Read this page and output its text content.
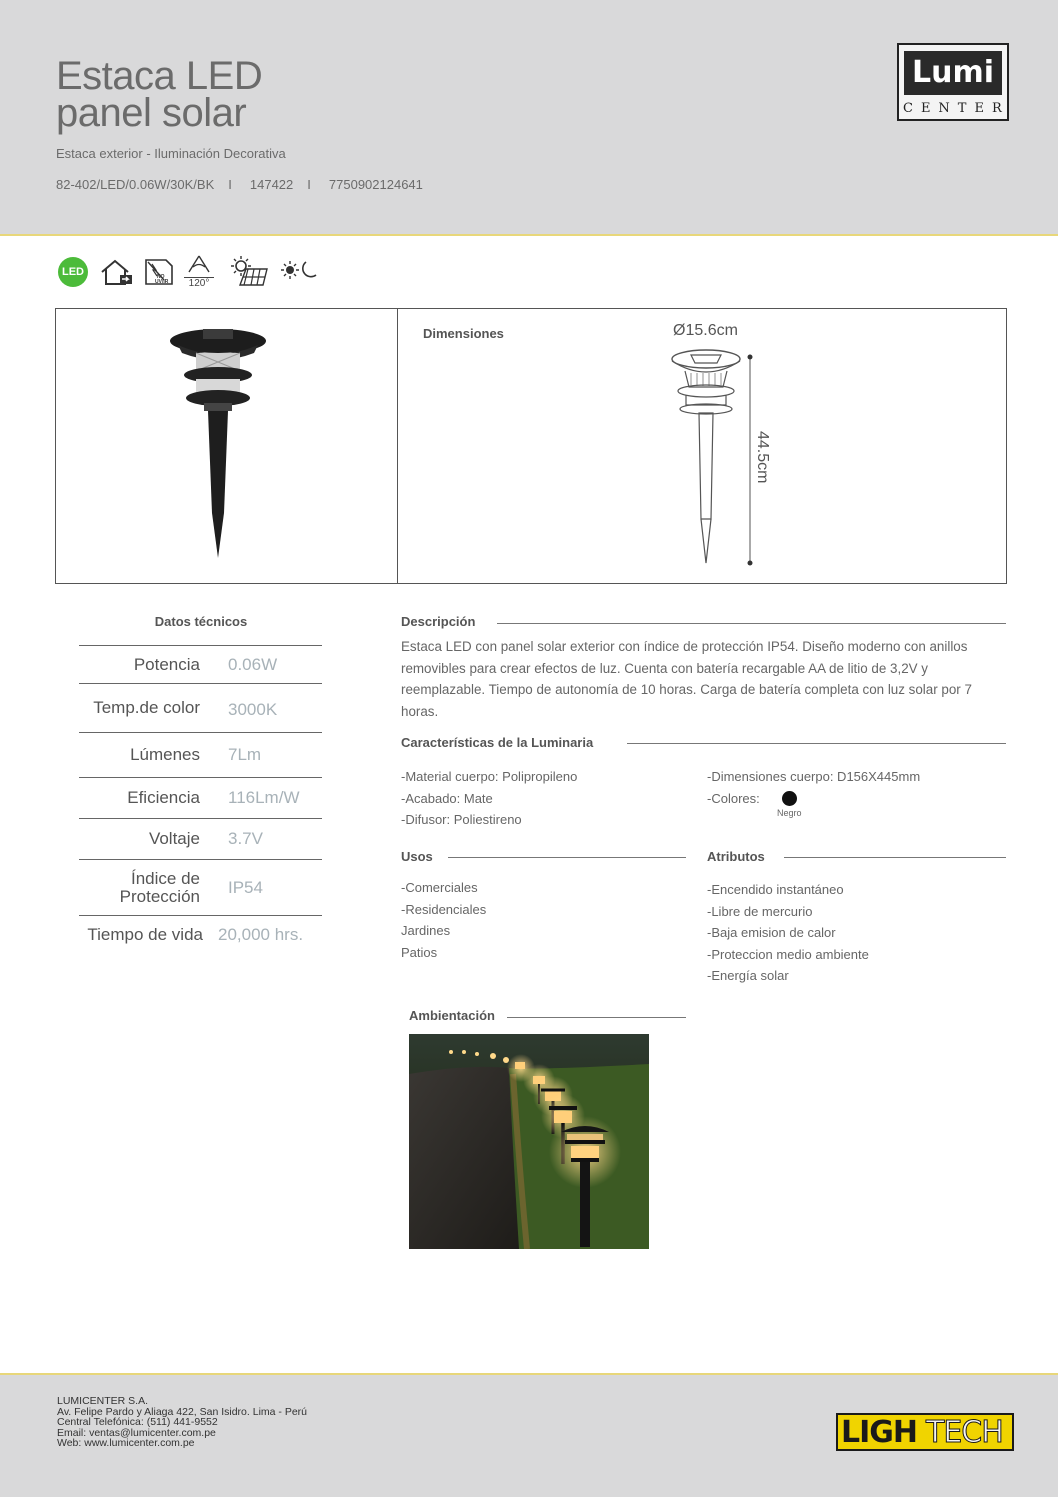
Estaca LED
panel solar
Estaca exterior - Iluminación Decorativa
82-402/LED/0.06W/30K/BK I 147422 I 7750902124641
Lumi
CENTER
LED	NO
UV/IR	120°
Dimensiones	Ø15.6cm
44.5cm
Datos técnicos
Potencia	0.06W
Temp.de color	3000K
Lúmenes	7Lm
Eficiencia	116Lm/W
Voltaje	3.7V
Índice de
Protección	IP54
Tiempo de vida 20,000 hrs.
Descripción
Estaca LED con panel solar exterior con índice de protección IP54. Diseño moderno con anillos removibles para crear efectos de luz. Cuenta con batería recargable AA de litio de 3,2V y reemplazable. Tiempo de autonomía de 10 horas. Carga de batería completa con luz solar por 7 horas.
Características de la Luminaria
-Material cuerpo: Polipropileno
-Acabado: Mate
-Difusor: Poliestireno
-Dimensiones cuerpo: D156X445mm
-Colores:
Negro
Usos
-Comerciales
-Residenciales
Jardines
Patios
Atributos
-Encendido instantáneo
-Libre de mercurio
-Baja emision de calor
-Proteccion medio ambiente
-Energía solar
Ambientación
LUMICENTER S.A.
Av. Felipe Pardo y Aliaga 422, San Isidro. Lima - Perú
Central Telefónica: (511) 441-9552
Email: ventas@lumicenter.com.pe
Web: www.lumicenter.com.pe	LIGH TECH
